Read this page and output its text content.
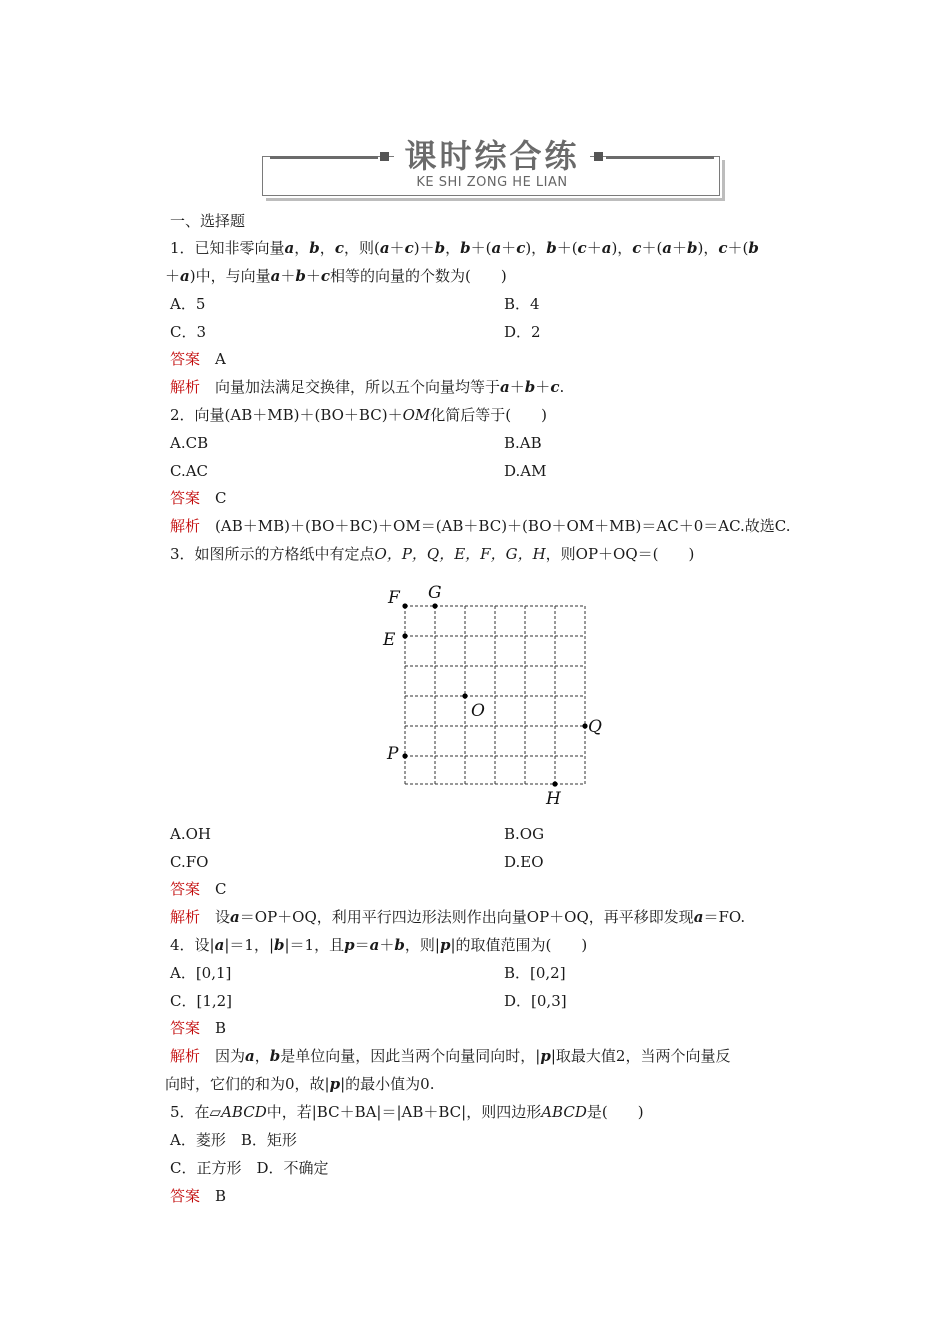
课时综合练
KE SHI ZONG HE LIAN
一、选择题
1．已知非零向量a，b，c，则(a＋c)＋b，b＋(a＋c)，b＋(c＋a)，c＋(a＋b)，c＋(b
＋a)中，与向量a＋b＋c相等的向量的个数为(　　)
A．5	B．4
C．3	D．2
答案　 A
解析　 向量加法满足交换律，所以五个向量均等于a＋b＋c.
2．向量(AB＋MB)＋(BO＋BC)＋OM化简后等于(　　)
A.CB	B.AB
C.AC	D.AM
答案　 C
解析　 (AB＋MB)＋(BO＋BC)＋OM＝(AB＋BC)＋(BO＋OM＋MB)＝AC＋0＝AC.故选C.
3．如图所示的方格纸中有定点O，P，Q，E，F，G，H，则OP＋OQ＝(　　)
F G
E
O
Q
P
H
A.OH	B.OG
C.FO	D.EO
答案　 C
解析　 设a＝OP＋OQ，利用平行四边形法则作出向量OP＋OQ，再平移即发现a＝FO.
4．设|a|＝1，|b|＝1，且p＝a＋b，则|p|的取值范围为(　　)
A．[0,1]	B．[0,2]
C．[1,2]	D．[0,3]
答案　 B
解析　 因为a，b是单位向量，因此当两个向量同向时，|p|取最大值2，当两个向量反
向时，它们的和为0，故|p|的最小值为0.
5．在▱ABCD中，若|BC＋BA|＝|AB＋BC|，则四边形ABCD是(　　)
A．菱形　B．矩形
C．正方形　D．不确定
答案　 B
